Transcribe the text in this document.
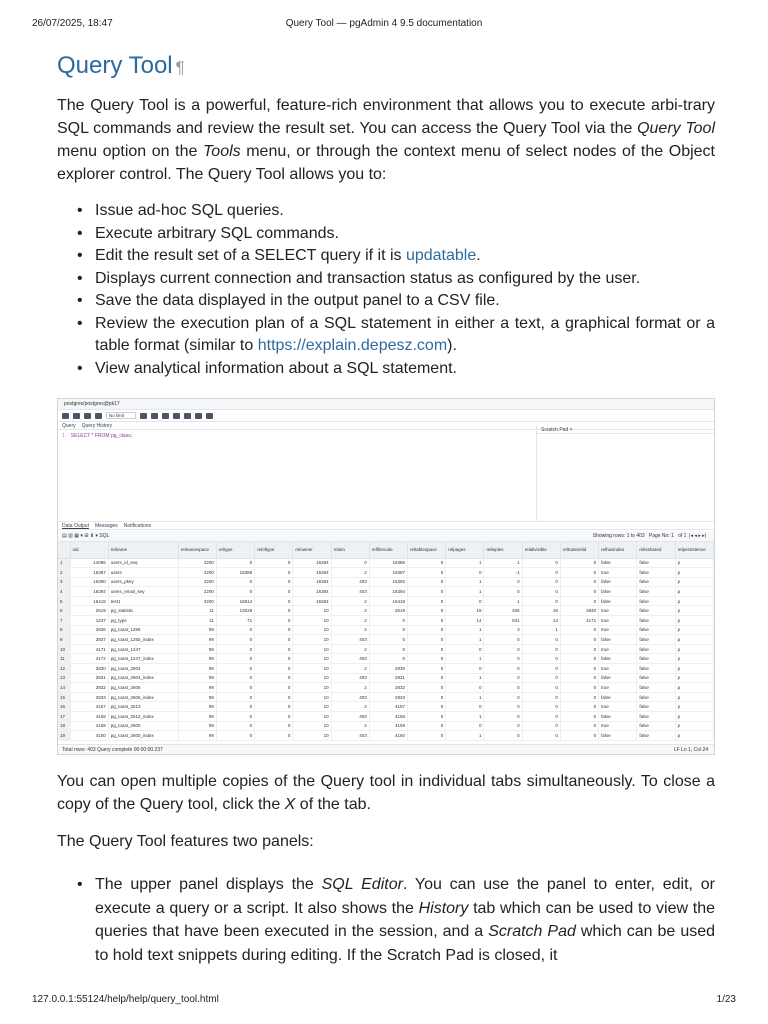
26/07/2025, 18:47	Query Tool — pgAdmin 4 9.5 documentation
Query Tool ¶

The Query Tool is a powerful, feature-rich environment that allows you to execute arbi-trary SQL commands and review the result set. You can access the Query Tool via the Query Tool menu option on the Tools menu, or through the context menu of select nodes of the Object explorer control. The Query Tool allows you to:

• Issue ad-hoc SQL queries.
• Execute arbitrary SQL commands.
• Edit the result set of a SELECT query if it is updatable.
• Displays current connection and transaction status as configured by the user.
• Save the data displayed in the output panel to a CSV file.
• Review the execution plan of a SQL statement in either a text, a graphical format or a table format (similar to https://explain.depesz.com).
• View analytical information about a SQL statement.
postgres/postgres@pk17
No limit
Query Query History
1 SELECT * FROM pg_class;
Scratch Pad ×
Data Output Messages Notifications
▤ ▥ ▦ ▾ ⊞ ⬇ ▾ SQL	Showing rows: 1 to 403 Page No: 1 of 1  |◂ ◂ ▸ ▸|
	oid	relname	relnamespace	reltype	reloftype	relowner	relam	relfilenode	reltablespace	relpages	reltuples	relallvisible	reltoastrelid	relhasindex	relisshared	relpersistence
1	14086	users_id_seq	2200	0	0	16384	0	16386	0	1	1	0	0	false	false	p
2	16387	users	2200	16389	0	16384	2	16387	0	0	-1	0	0	true	false	p
3	16390	users_pkey	2200	0	0	16384	403	16392	0	1	0	0	0	false	false	p
4	16394	users_email_key	2200	0	0	16384	403	16394	0	1	0	0	0	false	false	p
5	16418	test1	2200	16814	0	16384	2	16418	0	0	1	0	0	false	false	p
6	2619	pg_statistic	11	13029	0	10	2	2619	0	19	406	19	2840	true	false	p
7	1247	pg_type	11	71	0	10	2	0	0	14	631	14	4171	true	false	p
8	2836	pg_toast_1255	99	0	0	10	2	0	0	1	3	1	0	true	false	p
9	2837	pg_toast_1255_index	99	0	0	10	403	0	0	1	0	0	0	false	false	p
10	4171	pg_toast_1247	99	0	0	10	2	0	0	0	0	0	0	true	false	p
11	4172	pg_toast_1247_index	99	0	0	10	403	0	0	1	0	0	0	false	false	p
12	2830	pg_toast_2604	99	0	0	10	2	2830	0	0	0	0	0	true	false	p
13	2831	pg_toast_2604_index	99	0	0	10	403	2831	0	1	0	0	0	false	false	p
14	2832	pg_toast_2606	99	0	0	10	2	2832	0	0	0	0	0	true	false	p
15	2833	pg_toast_2606_index	99	0	0	10	403	2833	0	1	0	0	0	false	false	p
16	4157	pg_toast_2613	99	0	0	10	2	4157	0	0	0	0	0	true	false	p
17	4158	pg_toast_2612_index	99	0	0	10	403	4158	0	1	0	0	0	false	false	p
18	4159	pg_toast_2600	99	0	0	10	2	4159	0	0	0	0	0	true	false	p
19	4160	pg_toast_2600_index	99	0	0	10	403	4160	0	1	0	0	0	false	false	p
Total rows: 403 Query complete 00:00:00.237	LF Ln 1, Col 24

You can open multiple copies of the Query tool in individual tabs simultaneously. To close a copy of the Query tool, click the X of the tab.

The Query Tool features two panels:

• The upper panel displays the SQL Editor. You can use the panel to enter, edit, or execute a query or a script. It also shows the History tab which can be used to view the queries that have been executed in the session, and a Scratch Pad which can be used to hold text snippets during editing. If the Scratch Pad is closed, it
127.0.0.1:55124/help/help/query_tool.html	1/23
